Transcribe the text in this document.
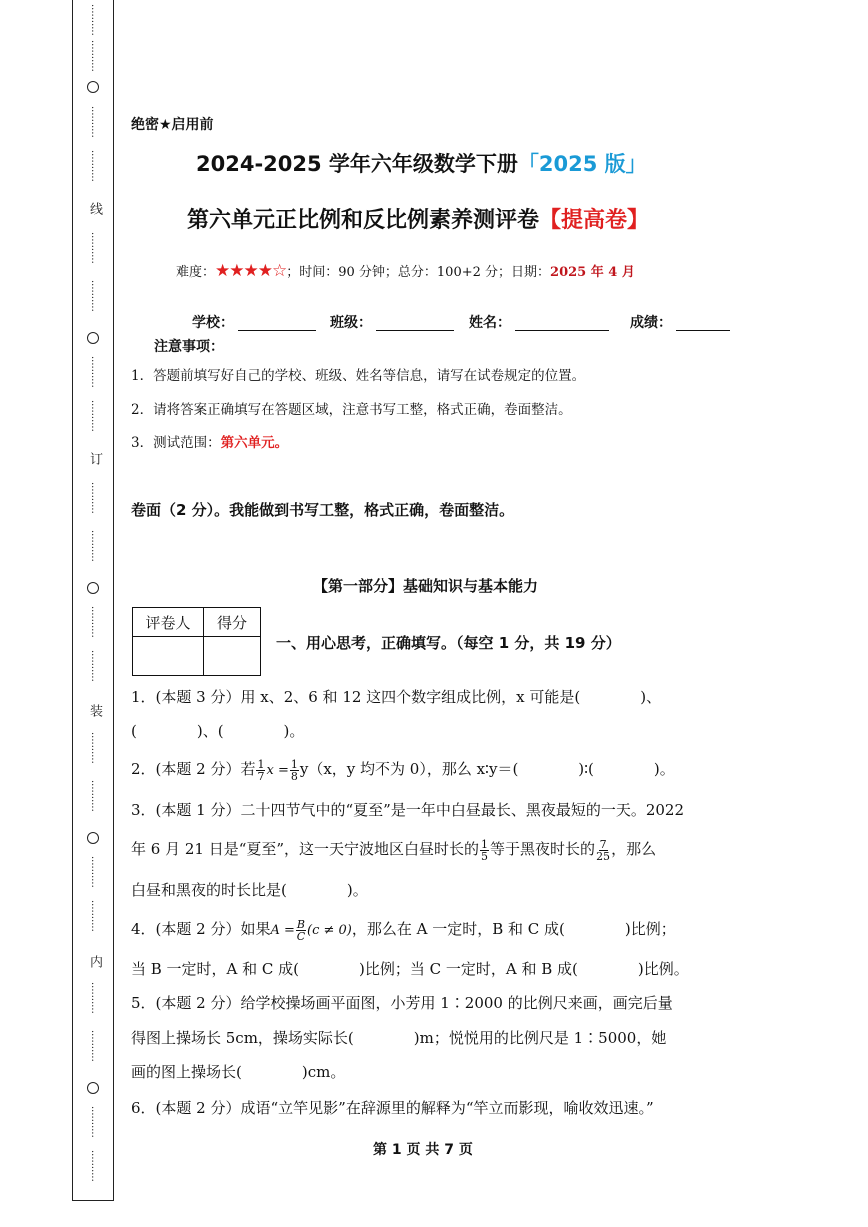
··········
··········
··········
··········
线
··········
··········
··········
··········
订
··········
··········
··········
··········
装
··········
··········
··········
··········
内
··········
··········
··········
··········
绝密★启用前
2024-2025 学年六年级数学下册「2025 版」
第六单元正比例和反比例素养测评卷【提高卷】
难度：★★★★☆；时间：90 分钟；总分：100+2 分；日期：2025 年 4 月
学校：	班级：	姓名：	成绩：
注意事项：
1．答题前填写好自己的学校、班级、姓名等信息，请写在试卷规定的位置。
2．请将答案正确填写在答题区域，注意书写工整，格式正确，卷面整洁。
3．测试范围：第六单元。
卷面（2 分）。我能做到书写工整，格式正确，卷面整洁。
【第一部分】基础知识与基本能力
评卷人	得分

一、用心思考，正确填写。（每空 1 分，共 19 分）
1．(本题 3 分）用 x、2、6 和 12 这四个数字组成比例，x 可能是(　　　　)、
(　　　　)、(　　　　)。
2．(本题 2 分）若 $\frac{1}{7}$ $x = \frac{1}{8} y(x$，y 均不为 0），那么 x∶y＝(　　　　)∶(　　　　)。
3．(本题 1 分）二十四节气中的“夏至”是一年中白昼最长、黑夜最短的一天。2022
年 6 月 21 日是“夏至”，这一天宁波地区白昼时长的 $\frac{1}{5}$ 等于黑夜时长的 $\frac{7}{25}$ ，那么
白昼和黑夜的时长比是(　　　　)。
4．(本题 2 分）如果$A = \frac{B}{C} (c \ne 0)$，那么在 A 一定时，B 和 C 成(　　　　)比例；
当 B 一定时，A 和 C 成(　　　　)比例；当 C 一定时，A 和 B 成(　　　　)比例。
5．(本题 2 分）给学校操场画平面图，小芳用 1∶2000 的比例尺来画，画完后量
得图上操场长 5cm，操场实际长(　　　　)m；悦悦用的比例尺是 1∶5000，她
画的图上操场长(　　　　)cm。
6．(本题 2 分）成语“立竿见影”在辞源里的解释为“竿立而影现，喻收效迅速。”
第 1 页 共 7 页
